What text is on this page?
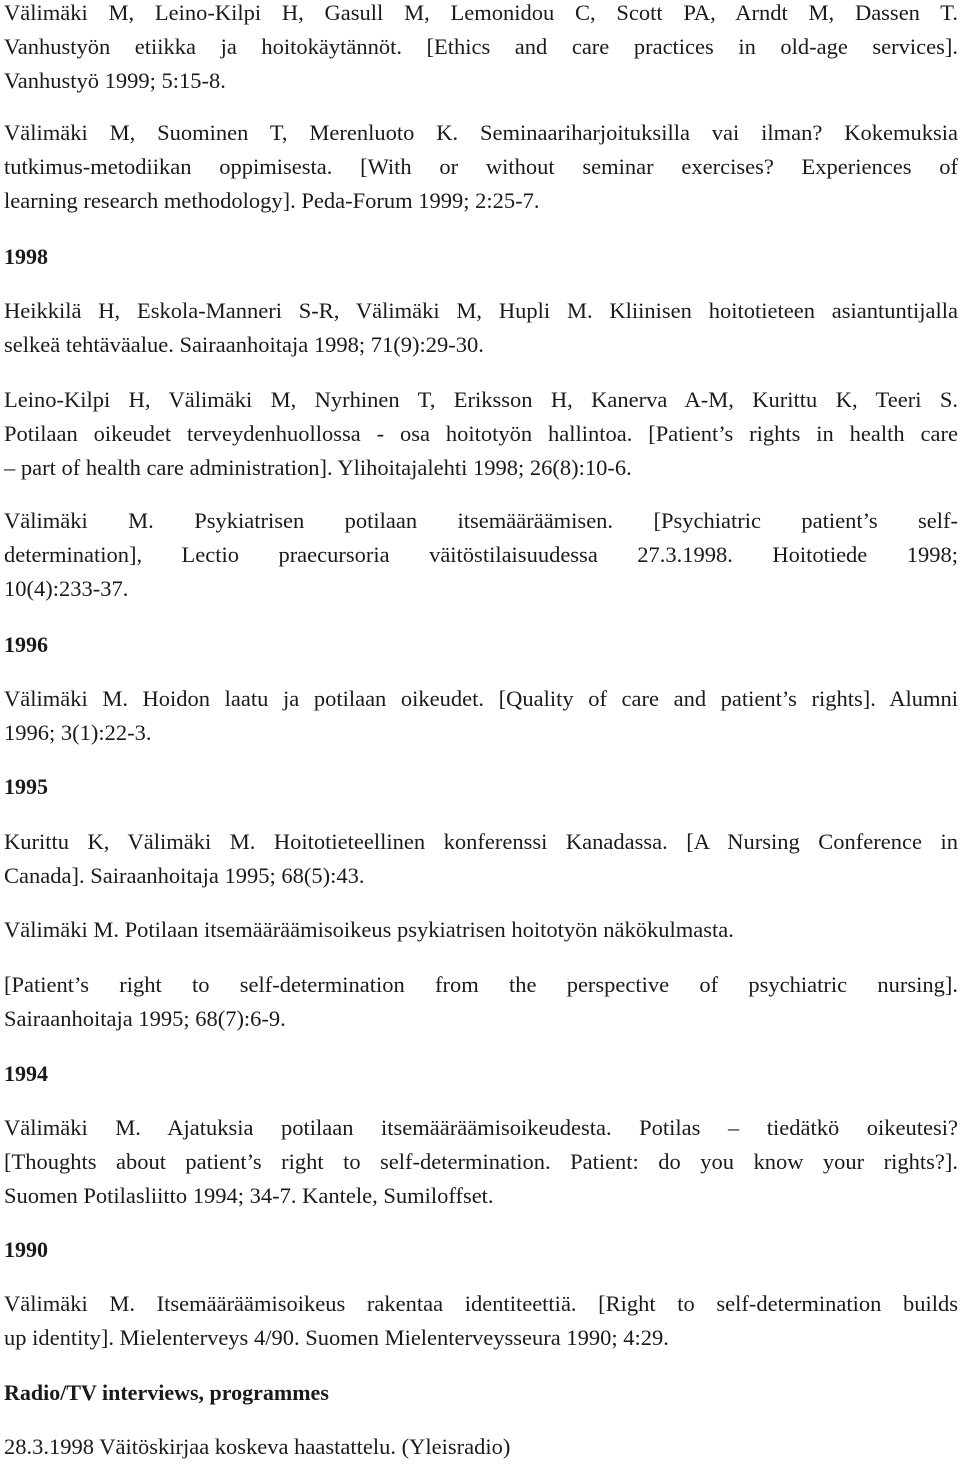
Välimäki M, Leino-Kilpi H, Gasull M, Lemonidou C, Scott PA, Arndt M, Dassen T.
Vanhustyön etiikka ja hoitokäytännöt. [Ethics and care practices in old-age services].
Vanhustyö 1999; 5:15-8.

Välimäki M, Suominen T, Merenluoto K. Seminaariharjoituksilla vai ilman? Kokemuksia
tutkimus-metodiikan oppimisesta. [With or without seminar exercises? Experiences of
learning research methodology]. Peda-Forum 1999; 2:25-7.

1998

Heikkilä H, Eskola-Manneri S-R, Välimäki M, Hupli M. Kliinisen hoitotieteen asiantuntijalla
selkeä tehtäväalue. Sairaanhoitaja 1998; 71(9):29-30.

Leino-Kilpi H, Välimäki M, Nyrhinen T, Eriksson H, Kanerva A-M, Kurittu K, Teeri S.
Potilaan oikeudet terveydenhuollossa - osa hoitotyön hallintoa. [Patient’s rights in health care
– part of health care administration]. Ylihoitajalehti 1998; 26(8):10-6.

Välimäki M. Psykiatrisen potilaan itsemääräämisen. [Psychiatric patient’s self-
determination], Lectio praecursoria väitöstilaisuudessa 27.3.1998. Hoitotiede 1998;
10(4):233-37.

1996

Välimäki M. Hoidon laatu ja potilaan oikeudet. [Quality of care and patient’s rights]. Alumni
1996; 3(1):22-3.

1995

Kurittu K, Välimäki M. Hoitotieteellinen konferenssi Kanadassa. [A Nursing Conference in
Canada]. Sairaanhoitaja 1995; 68(5):43.

Välimäki M. Potilaan itsemääräämisoikeus psykiatrisen hoitotyön näkökulmasta.

[Patient’s right to self-determination from the perspective of psychiatric nursing].
Sairaanhoitaja 1995; 68(7):6-9.

1994

Välimäki M. Ajatuksia potilaan itsemääräämisoikeudesta. Potilas – tiedätkö oikeutesi?
[Thoughts about patient’s right to self-determination. Patient: do you know your rights?].
Suomen Potilasliitto 1994; 34-7. Kantele, Sumiloffset.

1990

Välimäki M. Itsemääräämisoikeus rakentaa identiteettiä. [Right to self-determination builds
up identity]. Mielenterveys 4/90. Suomen Mielenterveysseura 1990; 4:29.

Radio/TV interviews, programmes

28.3.1998 Väitöskirjaa koskeva haastattelu. (Yleisradio)
